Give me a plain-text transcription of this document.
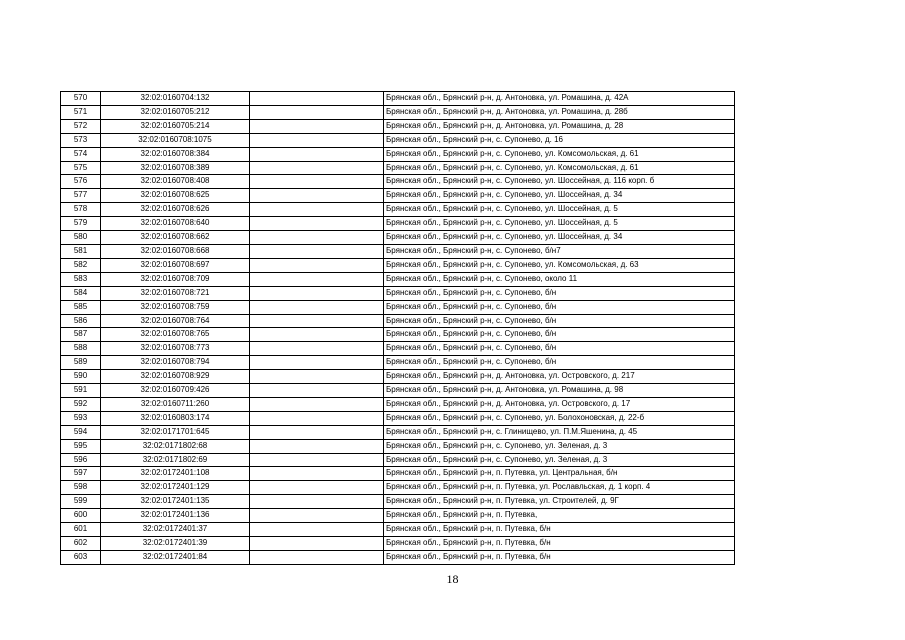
570	32:02:0160704:132		Брянская обл., Брянский р-н, д. Антоновка, ул. Ромашина, д. 42А
571	32:02:0160705:212		Брянская обл., Брянский р-н, д. Антоновка, ул. Ромашина, д. 28б
572	32:02:0160705:214		Брянская обл., Брянский р-н, д. Антоновка, ул. Ромашина, д. 28
573	32:02:0160708:1075		Брянская обл., Брянский р-н, с. Супонево, д. 16
574	32:02:0160708:384		Брянская обл., Брянский р-н, с. Супонево, ул. Комсомольская, д. 61
575	32:02:0160708:389		Брянская обл., Брянский р-н, с. Супонево, ул. Комсомольская, д. 61
576	32:02:0160708:408		Брянская обл., Брянский р-н, с. Супонево, ул. Шоссейная, д. 116 корп. б
577	32:02:0160708:625		Брянская обл., Брянский р-н, с. Супонево, ул. Шоссейная, д. 34
578	32:02:0160708:626		Брянская обл., Брянский р-н, с. Супонево, ул. Шоссейная, д. 5
579	32:02:0160708:640		Брянская обл., Брянский р-н, с. Супонево, ул. Шоссейная, д. 5
580	32:02:0160708:662		Брянская обл., Брянский р-н, с. Супонево, ул. Шоссейная, д. 34
581	32:02:0160708:668		Брянская обл., Брянский р-н, с. Супонево, б/н7
582	32:02:0160708:697		Брянская обл., Брянский р-н, с. Супонево, ул. Комсомольская, д. 63
583	32:02:0160708:709		Брянская обл., Брянский р-н, с. Супонево, около 11
584	32:02:0160708:721		Брянская обл., Брянский р-н, с. Супонево, б/н
585	32:02:0160708:759		Брянская обл., Брянский р-н, с. Супонево, б/н
586	32:02:0160708:764		Брянская обл., Брянский р-н, с. Супонево, б/н
587	32:02:0160708:765		Брянская обл., Брянский р-н, с. Супонево, б/н
588	32:02:0160708:773		Брянская обл., Брянский р-н, с. Супонево, б/н
589	32:02:0160708:794		Брянская обл., Брянский р-н, с. Супонево, б/н
590	32:02:0160708:929		Брянская обл., Брянский р-н, д. Антоновка, ул. Островского, д. 217
591	32:02:0160709:426		Брянская обл., Брянский р-н, д. Антоновка, ул. Ромашина, д. 98
592	32:02:0160711:260		Брянская обл., Брянский р-н, д. Антоновка, ул. Островского, д. 17
593	32:02:0160803:174		Брянская обл., Брянский р-н, с. Супонево, ул. Болохоновская, д. 22-б
594	32:02:0171701:645		Брянская обл., Брянский р-н, с. Глинищево, ул. П.М.Яшенина, д. 45
595	32:02:0171802:68		Брянская обл., Брянский р-н, с. Супонево, ул. Зеленая, д. 3
596	32:02:0171802:69		Брянская обл., Брянский р-н, с. Супонево, ул. Зеленая, д. 3
597	32:02:0172401:108		Брянская обл., Брянский р-н, п. Путевка, ул. Центральная, б/н
598	32:02:0172401:129		Брянская обл., Брянский р-н, п. Путевка, ул. Рославльская, д. 1 корп. 4
599	32:02:0172401:135		Брянская обл., Брянский р-н, п. Путевка, ул. Строителей, д. 9Г
600	32:02:0172401:136		Брянская обл., Брянский р-н, п. Путевка,
601	32:02:0172401:37		Брянская обл., Брянский р-н, п. Путевка, б/н
602	32:02:0172401:39		Брянская обл., Брянский р-н, п. Путевка, б/н
603	32:02:0172401:84		Брянская обл., Брянский р-н, п. Путевка, б/н
18
